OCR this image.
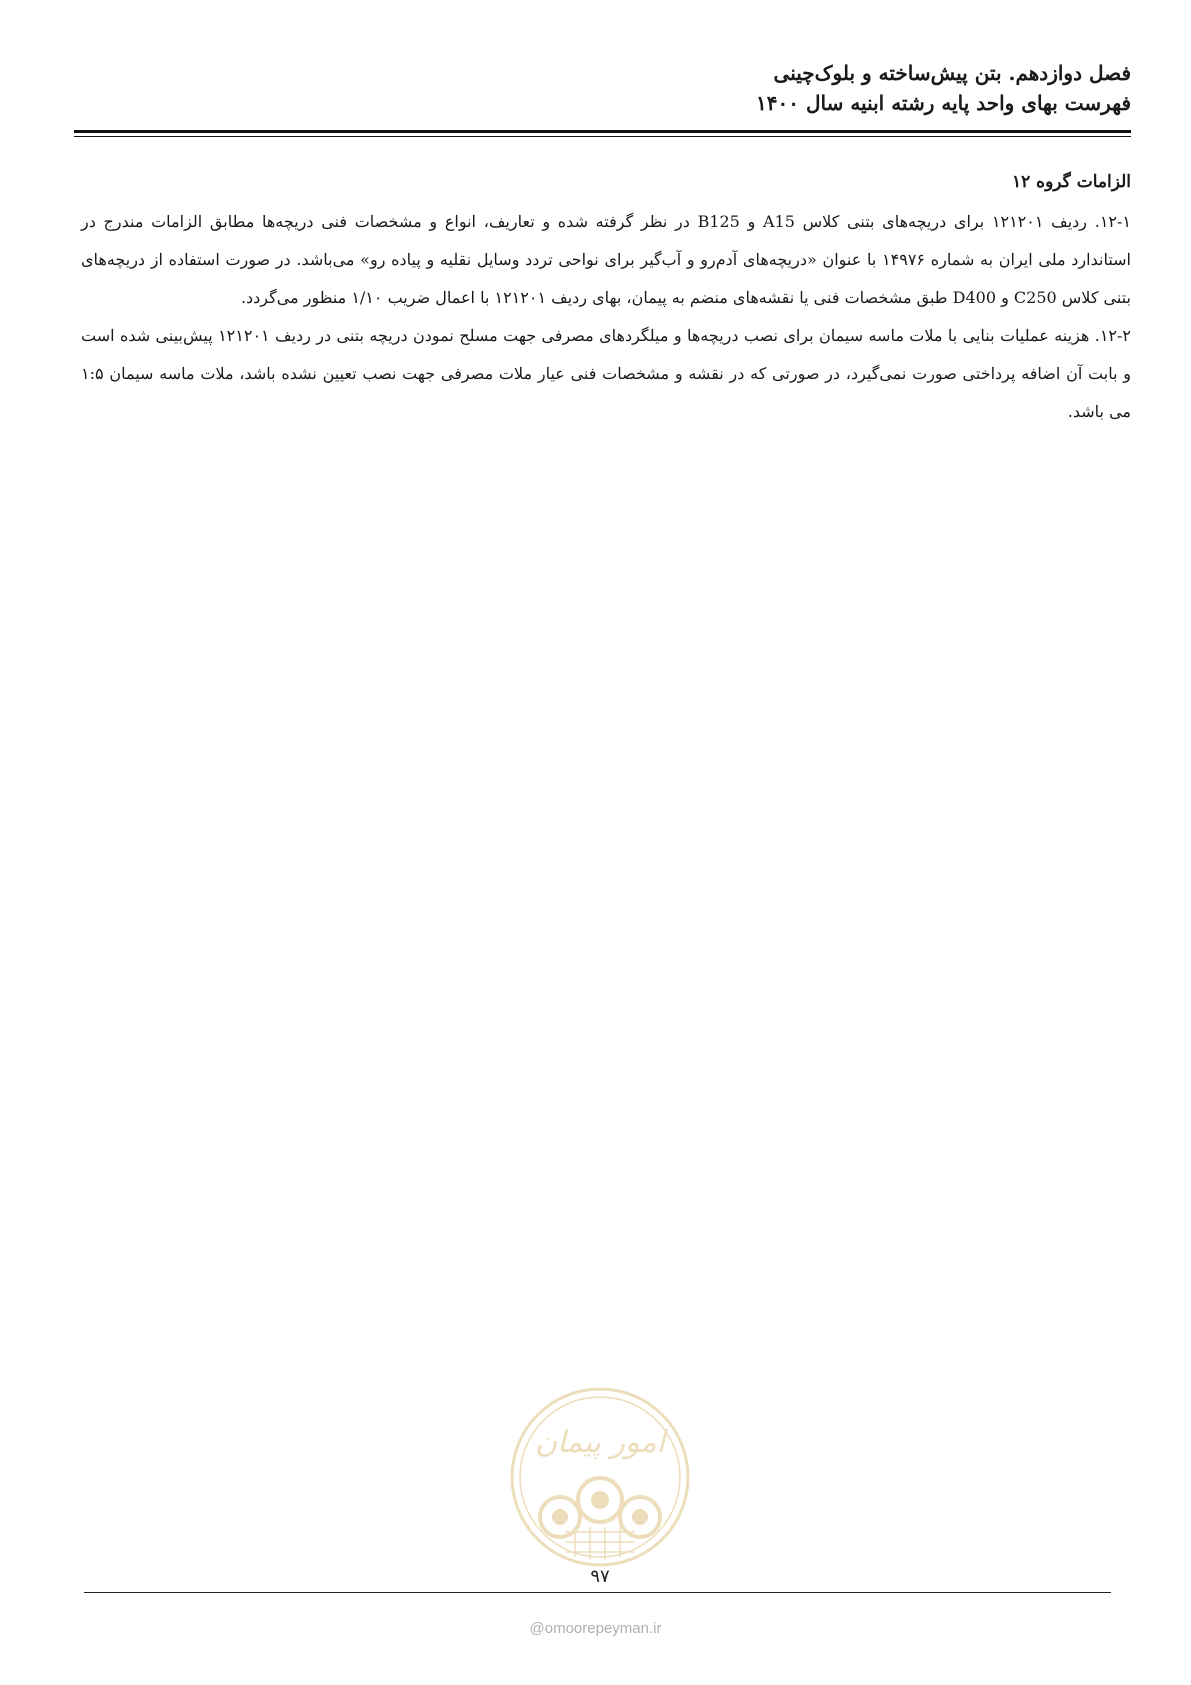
فصل دوازدهم. بتن پیش‌ساخته و بلوک‌چینی
فهرست بهای واحد پایه رشته ابنیه سال ۱۴۰۰
الزامات گروه ۱۲

۱۲-۱. ردیف ۱۲۱۲۰۱ برای دریچه‌های بتنی کلاس A15 و B125 در نظر گرفته شده و تعاریف، انواع و مشخصات فنی دریچه‌ها مطابق الزامات مندرج در استاندارد ملی ایران به شماره ۱۴۹۷۶ با عنوان «دریچه‌های آدم‌رو و آب‌گیر برای نواحی تردد وسایل نقلیه و پیاده رو» می‌باشد. در صورت استفاده از دریچه‌های بتنی کلاس C250 و D400 طبق مشخصات فنی یا نقشه‌های منضم به پیمان، بهای ردیف ۱۲۱۲۰۱ با اعمال ضریب ۱/۱۰ منظور می‌گردد.

۱۲-۲. هزینه عملیات بنایی با ملات ماسه سیمان برای نصب دریچه‌ها و میلگردهای مصرفی جهت مسلح نمودن دریچه بتنی در ردیف ۱۲۱۲۰۱ پیش‌بینی شده است و بابت آن اضافه پرداختی صورت نمی‌گیرد، در صورتی که در نقشه و مشخصات فنی عیار ملات مصرفی جهت نصب تعیین نشده باشد، ملات ماسه سیمان ۱:۵ می باشد.

امور پیمان
۹۷
@omoorepeyman.ir
